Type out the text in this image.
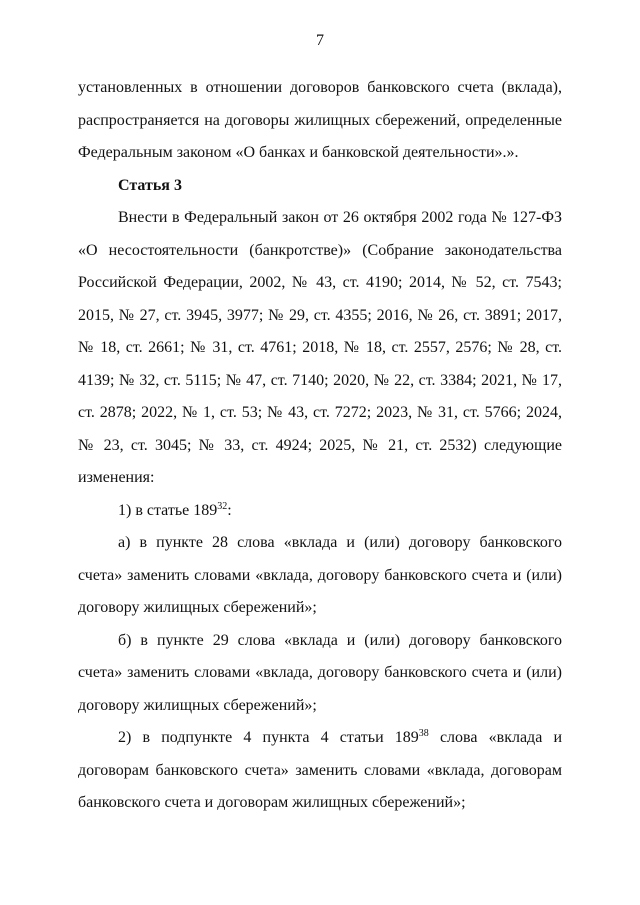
7

установленных в отношении договоров банковского счета (вклада), распространяется на договоры жилищных сбережений, определенные Федеральным законом «О банках и банковской деятельности».».

Статья 3

Внести в Федеральный закон от 26 октября 2002 года № 127-ФЗ «О несостоятельности (банкротстве)» (Собрание законодательства Российской Федерации, 2002, № 43, ст. 4190; 2014, № 52, ст. 7543; 2015, № 27, ст. 3945, 3977; № 29, ст. 4355; 2016, № 26, ст. 3891; 2017, № 18, ст. 2661; № 31, ст. 4761; 2018, № 18, ст. 2557, 2576; № 28, ст. 4139; № 32, ст. 5115; № 47, ст. 7140; 2020, № 22, ст. 3384; 2021, № 17, ст. 2878; 2022, № 1, ст. 53; № 43, ст. 7272; 2023, № 31, ст. 5766; 2024, № 23, ст. 3045; № 33, ст. 4924; 2025, № 21, ст. 2532) следующие изменения:

1) в статье $189^{32}$:

а) в пункте 28 слова «вклада и (или) договору банковского счета» заменить словами «вклада, договору банковского счета и (или) договору жилищных сбережений»;

б) в пункте 29 слова «вклада и (или) договору банковского счета» заменить словами «вклада, договору банковского счета и (или) договору жилищных сбережений»;

2) в подпункте 4 пункта 4 статьи $189^{38}$ слова «вклада и договорам банковского счета» заменить словами «вклада, договорам банковского счета и договорам жилищных сбережений»;
